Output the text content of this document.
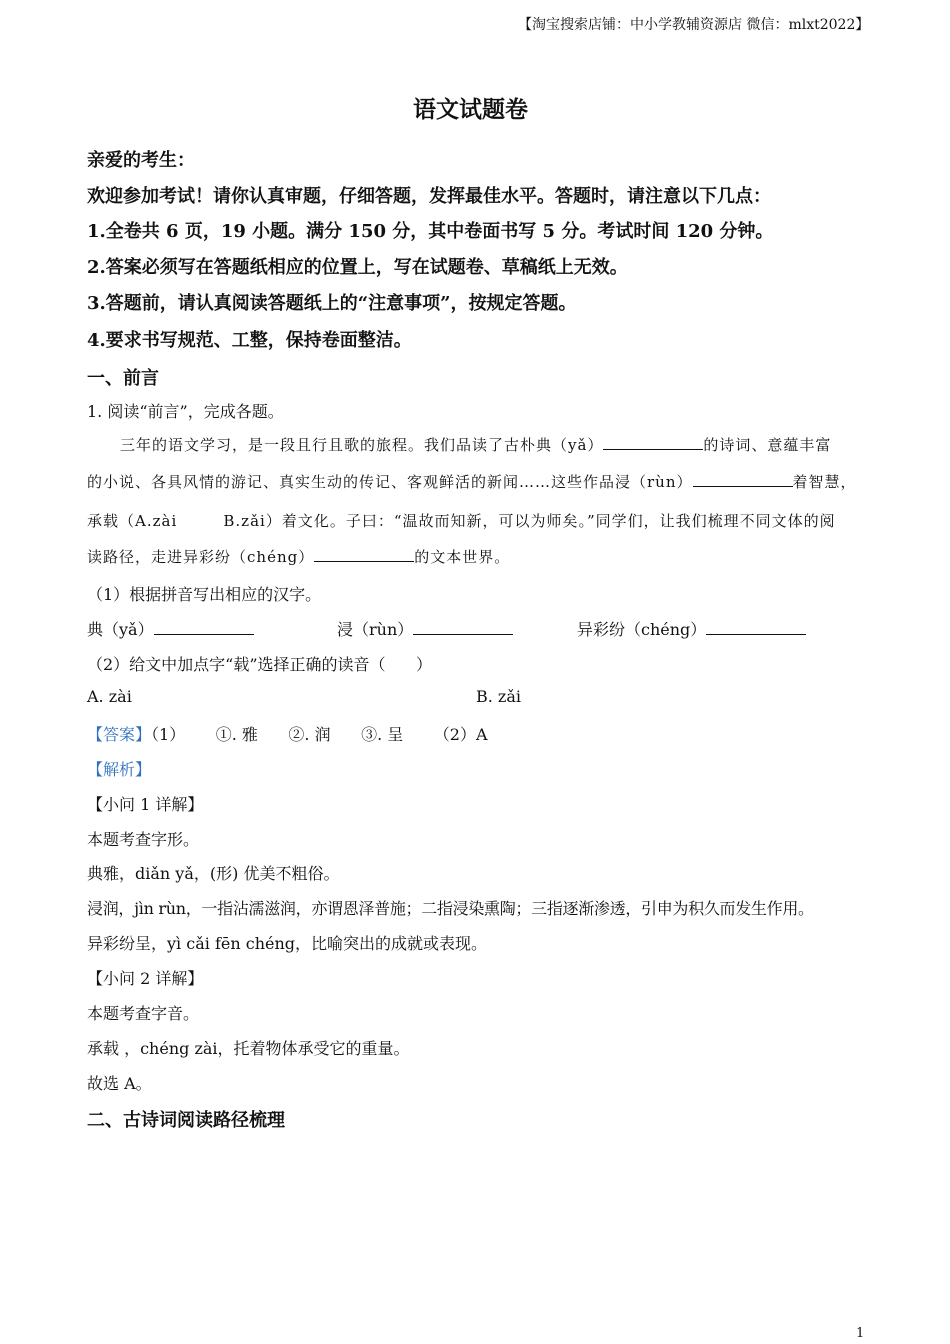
【淘宝搜索店铺：中小学教辅资源店 微信：mlxt2022】
语文试题卷
亲爱的考生：
欢迎参加考试！请你认真审题，仔细答题，发挥最佳水平。答题时，请注意以下几点：
1.全卷共 6 页，19 小题。满分 150 分，其中卷面书写 5 分。考试时间 120 分钟。
2.答案必须写在答题纸相应的位置上，写在试题卷、草稿纸上无效。
3.答题前，请认真阅读答题纸上的“注意事项”，按规定答题。
4.要求书写规范、工整，保持卷面整洁。
一、前言
1. 阅读“前言”，完成各题。
三年的语文学习，是一段且行且歌的旅程。我们品读了古朴典（yǎ）	的诗词、意蕴丰富
的小说、各具风情的游记、真实生动的传记、客观鲜活的新闻……这些作品浸（rùn）	着智慧，
承载（A.zài        B.zǎi）着文化。子曰：“温故而知新，可以为师矣。”同学们，让我们梳理不同文体的阅
读路径，走进异彩纷（chéng）	的文本世界。
（1）根据拼音写出相应的汉字。
典（yǎ）	浸（rùn）	异彩纷（chéng）
（2）给文中加点字“载”选择正确的读音（      ）
A. zài	B. zǎi
【答案】（1）      ①. 雅      ②. 润      ③. 呈      （2）A
【解析】
【小问 1 详解】
本题考查字形。
典雅，diǎn yǎ，(形) 优美不粗俗。
浸润，jìn rùn，一指沾濡滋润，亦谓恩泽普施；二指浸染熏陶；三指逐渐渗透，引申为积久而发生作用。
异彩纷呈，yì cǎi fēn chéng，比喻突出的成就或表现。
【小问 2 详解】
本题考查字音。
承载 ，chéng zài，托着物体承受它的重量。
故选 A。
二、古诗词阅读路径梳理
1
